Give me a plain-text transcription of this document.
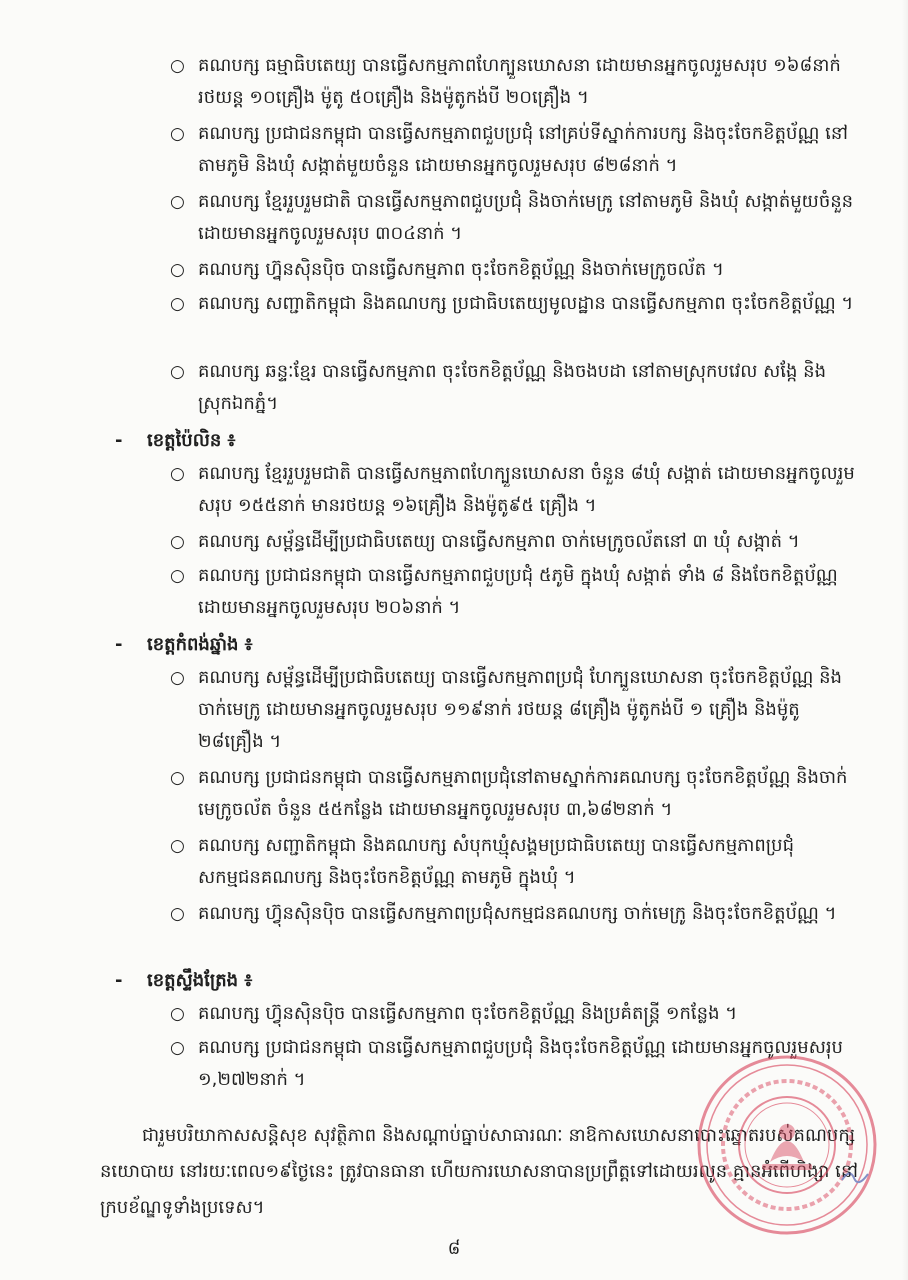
○ គណបក្ស ធម្មាធិបតេយ្យ បានធ្វើសកម្មភាពហែក្បួនឃោសនា ដោយមានអ្នកចូលរួមសរុប ១៦៨នាក់ រថយន្ត ១០គ្រឿង ម៉ូតូ ៥០គ្រឿង និងម៉ូតូកង់បី ២០គ្រឿង ។
○ គណបក្ស ប្រជាជនកម្ពុជា បានធ្វើសកម្មភាពជួបប្រជុំ នៅគ្រប់ទីស្នាក់ការបក្ស និងចុះចែកខិត្តប័ណ្ណ នៅតាមភូមិ និងឃុំ សង្កាត់មួយចំនួន ដោយមានអ្នកចូលរួមសរុប ៨២៨នាក់ ។
○ គណបក្ស ខ្មែររួបរួមជាតិ បានធ្វើសកម្មភាពជួបប្រជុំ និងចាក់មេក្រូ នៅតាមភូមិ និងឃុំ សង្កាត់មួយចំនួន ដោយមានអ្នកចូលរួមសរុប ៣០៤នាក់ ។
○ គណបក្ស ហ្វ៊ុនស៊ិនប៉ិច បានធ្វើសកម្មភាព ចុះចែកខិត្តប័ណ្ណ និងចាក់មេក្រូចល័ត ។
○ គណបក្ស សញ្ជាតិកម្ពុជា និងគណបក្ស ប្រជាធិបតេយ្យមូលដ្ឋាន បានធ្វើសកម្មភាព ចុះចែកខិត្តប័ណ្ណ ។
○ គណបក្ស ឆន្ទៈខ្មែរ បានធ្វើសកម្មភាព ចុះចែកខិត្តប័ណ្ណ និងចងបដា នៅតាមស្រុកបវេល សង្កែ និងស្រុកឯកភ្នំ។
- ខេត្តប៉ៃលិន ៖
○ គណបក្ស ខ្មែររួបរួមជាតិ បានធ្វើសកម្មភាពហែក្បួនឃោសនា ចំនួន ៨ឃុំ សង្កាត់ ដោយមានអ្នកចូលរួមសរុប ១៥៥នាក់ មានរថយន្ត ១៦គ្រឿង និងម៉ូតូ៩៥ គ្រឿង ។
○ គណបក្ស សម្ព័ន្ធដើម្បីប្រជាធិបតេយ្យ បានធ្វើសកម្មភាព ចាក់មេក្រូចល័តនៅ ៣ ឃុំ សង្កាត់ ។
○ គណបក្ស ប្រជាជនកម្ពុជា បានធ្វើសកម្មភាពជួបប្រជុំ ៥ភូមិ ក្នុងឃុំ សង្កាត់ ទាំង ៨ និងចែកខិត្តប័ណ្ណ ដោយមានអ្នកចូលរួមសរុប ២០៦នាក់ ។
- ខេត្តកំពង់ឆ្នាំង ៖
○ គណបក្ស សម្ព័ន្ធដើម្បីប្រជាធិបតេយ្យ បានធ្វើសកម្មភាពប្រជុំ ហែក្បួនឃោសនា ចុះចែកខិត្តប័ណ្ណ និងចាក់មេក្រូ ដោយមានអ្នកចូលរួមសរុប ១១៩នាក់ រថយន្ត ៨គ្រឿង ម៉ូតូកង់បី ១ គ្រឿង និងម៉ូតូ ២៨គ្រឿង ។
○ គណបក្ស ប្រជាជនកម្ពុជា បានធ្វើសកម្មភាពប្រជុំនៅតាមស្នាក់ការគណបក្ស ចុះចែកខិត្តប័ណ្ណ និងចាក់មេក្រូចល័ត ចំនួន ៥៥កន្លែង ដោយមានអ្នកចូលរួមសរុប ៣,៦៨២នាក់ ។
○ គណបក្ស សញ្ជាតិកម្ពុជា និងគណបក្ស សំបុកឃ្មុំសង្គមប្រជាធិបតេយ្យ បានធ្វើសកម្មភាពប្រជុំសកម្មជនគណបក្ស និងចុះចែកខិត្តប័ណ្ណ តាមភូមិ ក្នុងឃុំ ។
○ គណបក្ស ហ៊្វុនស៊ិនប៉ិច បានធ្វើសកម្មភាពប្រជុំសកម្មជនគណបក្ស ចាក់មេក្រូ និងចុះចែកខិត្តប័ណ្ណ ។
- ខេត្តស្ទឹងត្រែង ៖
○ គណបក្ស ហ៊្វុនស៊ិនប៉ិច បានធ្វើសកម្មភាព ចុះចែកខិត្តប័ណ្ណ និងប្រគំតន្ត្រី ១កន្លែង ។
○ គណបក្ស ប្រជាជនកម្ពុជា បានធ្វើសកម្មភាពជួបប្រជុំ និងចុះចែកខិត្តប័ណ្ណ ដោយមានអ្នកចូលរួមសរុប ១,២៧២នាក់ ។
ជារួមបរិយាកាសសន្តិសុខ សុវត្ថិភាព និងសណ្តាប់ធ្នាប់សាធារណៈ នាឱកាសឃោសនាបោះឆ្នោតរបស់គណបក្សនយោបាយ នៅរយៈពេល១៩ថ្ងៃនេះ ត្រូវបានធានា ហើយការឃោសនាបានប្រព្រឹត្តទៅដោយរលូន គ្មានអំពើហិង្សា នៅក្របខ័ណ្ឌទូទាំងប្រទេស។
៨
